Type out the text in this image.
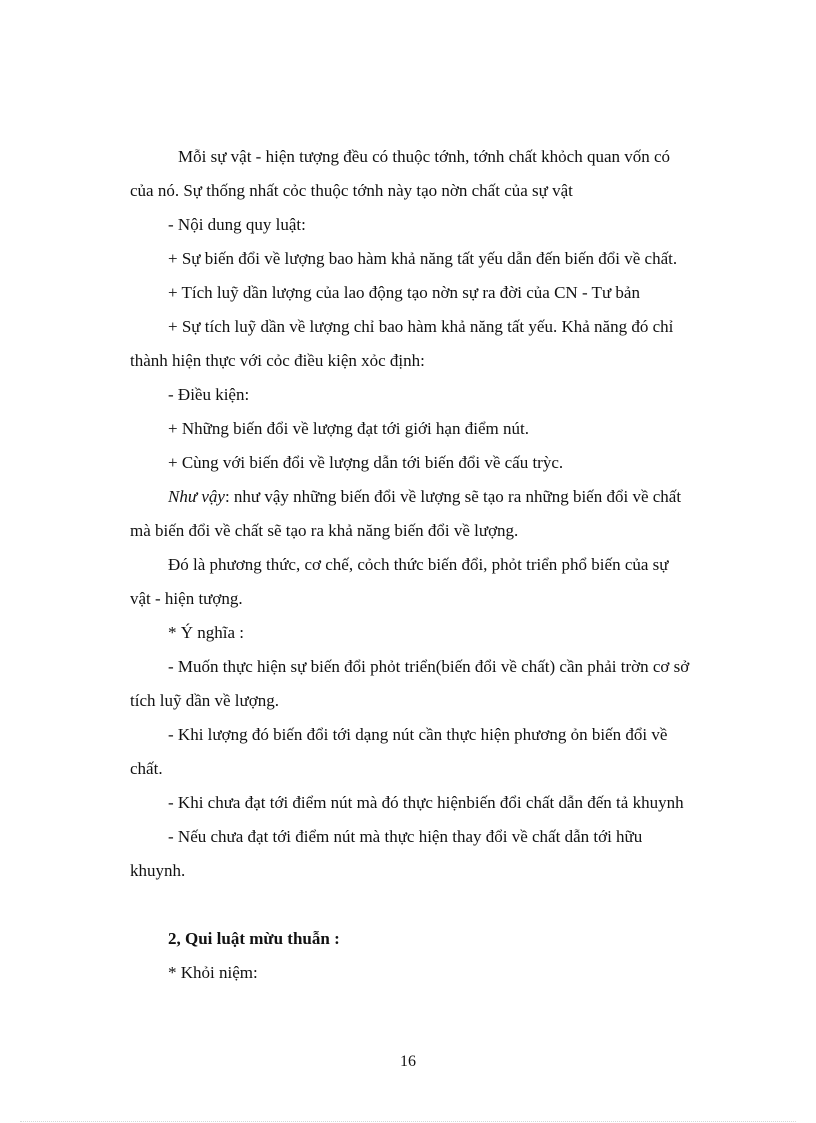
Mỗi sự vật - hiện tượng đều có thuộc tớnh, tớnh chất khỏch quan vốn có
của nó. Sự thống nhất cỏc thuộc tớnh này tạo nờn chất của sự vật

- Nội dung quy luật:

+ Sự biến đổi về lượng bao hàm khả năng tất yếu dẫn đến biến đổi về chất.

+ Tích luỹ dần lượng của lao động tạo nờn sự ra đời của CN - Tư bản

+ Sự tích luỹ dần về lượng chỉ bao hàm khả năng tất yếu. Khả năng đó chỉ
thành hiện thực với cỏc điều kiện xỏc định:

- Điều kiện:

+ Những biến đổi về lượng đạt tới giới hạn điểm nút.

+ Cùng với biến đổi về lượng dẫn tới biến đổi về cấu trỳc.

Như vậy: như vậy những biến đổi về lượng sẽ tạo ra những biến đổi về chất
mà biến đổi về chất sẽ tạo ra khả năng biến đổi về lượng.

Đó là phương thức, cơ chế, cỏch thức biến đổi, phỏt triển phổ biến của sự
vật - hiện tượng.

* Ý nghĩa :

- Muốn thực hiện sự biến đổi phỏt triển(biến đổi về chất) cần phải trờn cơ sở
tích luỹ dần về lượng.

- Khi lượng đó biến đổi tới dạng nút cần thực hiện phương ỏn biến đổi về
chất.

- Khi chưa đạt tới điểm nút mà đó thực hiệnbiến đổi chất dẫn đến tả khuynh

- Nếu chưa đạt tới điểm nút mà thực hiện thay đổi về chất dẫn tới hữu
khuynh.

2, Qui luật mừu thuẫn :

* Khỏi niệm:

16
